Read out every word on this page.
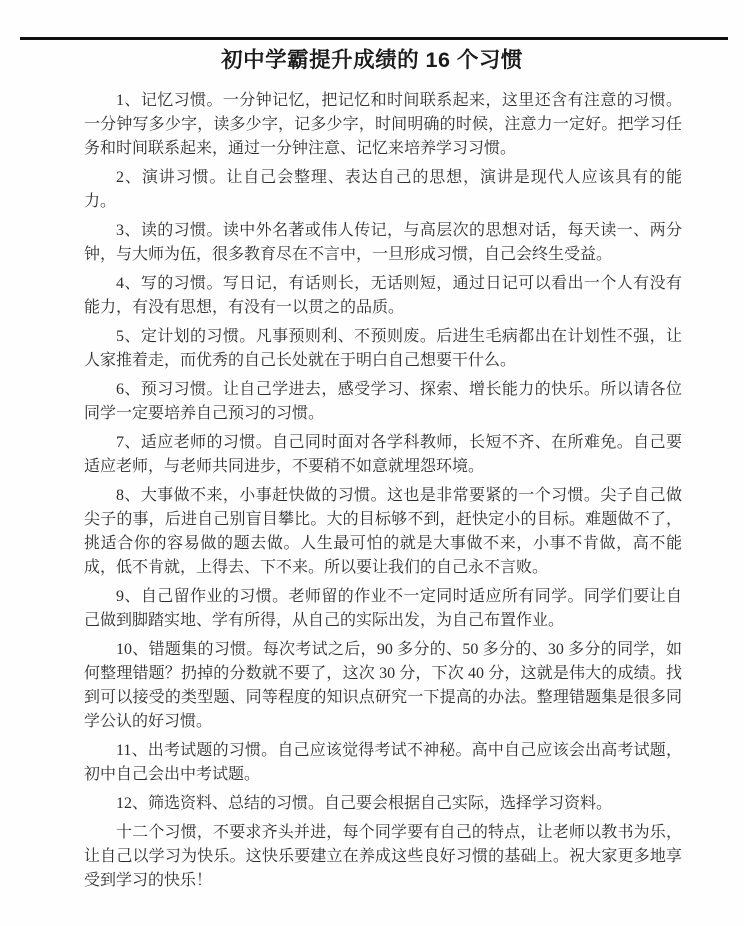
初中学霸提升成绩的 16 个习惯

1、记忆习惯。一分钟记忆，把记忆和时间联系起来，这里还含有注意的习惯。一分钟写多少字，读多少字，记多少字，时间明确的时候，注意力一定好。把学习任务和时间联系起来，通过一分钟注意、记忆来培养学习习惯。

2、演讲习惯。让自己会整理、表达自己的思想，演讲是现代人应该具有的能力。

3、读的习惯。读中外名著或伟人传记，与高层次的思想对话，每天读一、两分钟，与大师为伍，很多教育尽在不言中，一旦形成习惯，自己会终生受益。

4、写的习惯。写日记，有话则长，无话则短，通过日记可以看出一个人有没有能力，有没有思想，有没有一以贯之的品质。

5、定计划的习惯。凡事预则利、不预则废。后进生毛病都出在计划性不强，让人家推着走，而优秀的自己长处就在于明白自己想要干什么。

6、预习习惯。让自己学进去，感受学习、探索、增长能力的快乐。所以请各位同学一定要培养自己预习的习惯。

7、适应老师的习惯。自己同时面对各学科教师，长短不齐、在所难免。自己要适应老师，与老师共同进步，不要稍不如意就埋怨环境。

8、大事做不来，小事赶快做的习惯。这也是非常要紧的一个习惯。尖子自己做尖子的事，后进自己别盲目攀比。大的目标够不到，赶快定小的目标。难题做不了， 挑适合你的容易做的题去做。人生最可怕的就是大事做不来，小事不肯做，高不能 成，低不肯就，上得去、下不来。所以要让我们的自己永不言败。

9、自己留作业的习惯。老师留的作业不一定同时适应所有同学。同学们要让自己做到脚踏实地、学有所得，从自己的实际出发，为自己布置作业。

10、错题集的习惯。每次考试之后，90 多分的、50 多分的、30 多分的同学，如何整理错题？扔掉的分数就不要了，这次 30 分，下次 40 分，这就是伟大的成绩。找到可以接受的类型题、同等程度的知识点研究一下提高的办法。整理错题集是很多同学公认的好习惯。

11、出考试题的习惯。自己应该觉得考试不神秘。高中自己应该会出高考试题，初中自己会出中考试题。

12、筛选资料、总结的习惯。自己要会根据自己实际，选择学习资料。

十二个习惯，不要求齐头并进，每个同学要有自己的特点，让老师以教书为乐，让自己以学习为快乐。这快乐要建立在养成这些良好习惯的基础上。祝大家更多地享受到学习的快乐！
